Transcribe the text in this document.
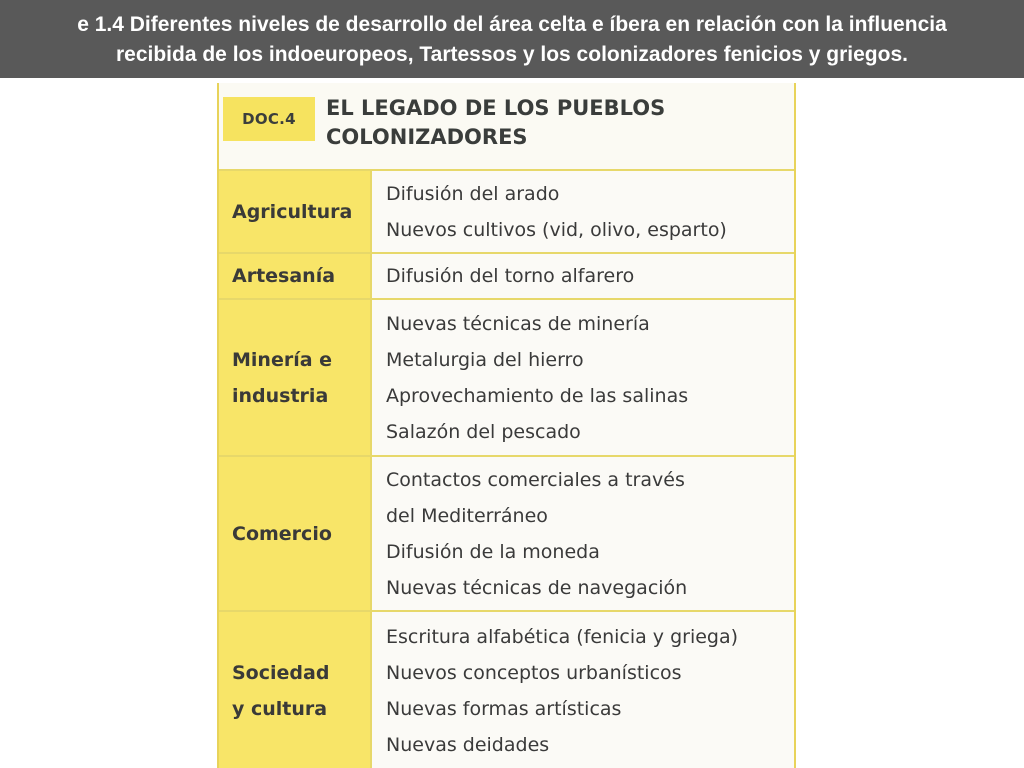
e 1.4 Diferentes niveles de desarrollo del área celta e íbera en relación con la influencia
recibida de los indoeuropeos, Tartessos y los colonizadores fenicios y griegos.
DOC.4	EL LEGADO DE LOS PUEBLOS
COLONIZADORES
Agricultura
Difusión del arado
Nuevos cultivos (vid, olivo, esparto)
Artesanía	Difusión del torno alfarero
Minería e
industria
Nuevas técnicas de minería
Metalurgia del hierro
Aprovechamiento de las salinas
Salazón del pescado
Comercio
Contactos comerciales a través
del Mediterráneo
Difusión de la moneda
Nuevas técnicas de navegación
Sociedad
y cultura
Escritura alfabética (fenicia y griega)
Nuevos conceptos urbanísticos
Nuevas formas artísticas
Nuevas deidades
